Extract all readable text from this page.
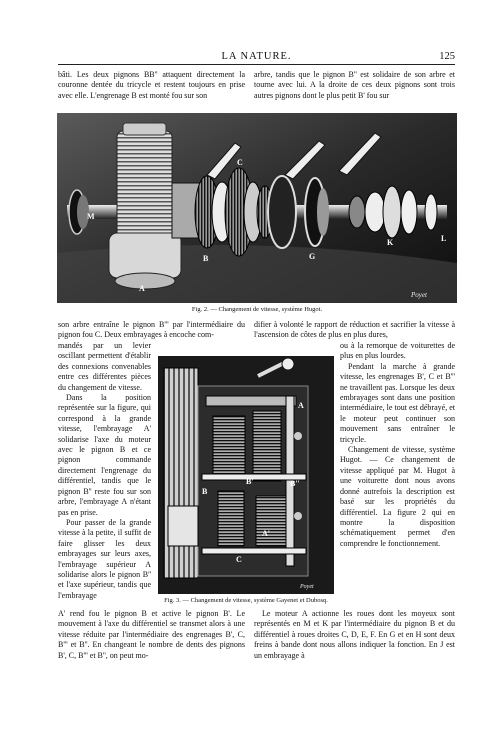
LA NATURE.	125

bâti. Les deux pignons BB'' attaquent directement la couronne dentée du tricycle et restent toujours en prise avec elle. L'engrenage B est monté fou sur son

arbre, tandis que le pignon B'' est solidaire de son arbre et tourne avec lui. A la droite de ces deux pignons sont trois autres pignons dont le plus petit B' fou sur

M
A
B
C
G
K	L
Poyet
Fig. 2. — Changement de vitesse, système Hugot.

son arbre entraîne le pignon B''' par l'intermédiaire du pignon fou C. Deux embrayages à encoche com-

mandés par un levier oscillant permettent d'établir des connexions convenables entre ces différentes pièces du changement de vitesse.

Dans la position représentée sur la figure, qui correspond à la grande vitesse, l'embrayage A' solidarise l'axe du moteur avec le pignon B et ce pignon commande directement l'engrenage du différentiel, tandis que le pignon B'' reste fou sur son arbre, l'embrayage A n'étant pas en prise.

Pour passer de la grande vitesse à la petite, il suffit de faire glisser les deux embrayages sur leurs axes, l'embrayage supérieur A solidarise alors le pignon B'' et l'axe supérieur, tandis que l'embrayage

difier à volonté le rapport de réduction et sacrifier la vitesse à l'ascension de côtes de plus en plus dures,

ou à la remorque de voiturettes de plus en plus lourdes.

Pendant la marche à grande vitesse, les engrenages B', C et B''' ne travaillent pas. Lorsque les deux embrayages sont dans une position intermédiaire, le tout est débrayé, et le moteur peut continuer son mouvement sans entraîner le tricycle.

Changement de vitesse, système Hugot. — Ce changement de vitesse appliqué par M. Hugot à une voiturette dont nous avons donné autrefois la description est basé sur les propriétés du différentiel. La figure 2 qui en montre la disposition schématiquement permet d'en comprendre le fonctionnement.

A
B
B'	B''
A'
C
Poyet
Fig. 3. — Changement de vitesse, système Gayenet et Dubosq.

A' rend fou le pignon B et active le pignon B'. Le mouvement à l'axe du différentiel se transmet alors à une vitesse réduite par l'intermédiaire des engrenages B', C, B''' et B''. En changeant le nombre de dents des pignons B', C, B''' et B'', on peut mo-

Le moteur A actionne les roues dont les moyeux sont représentés en M et K par l'intermédiaire du pignon B et du différentiel à roues droites C, D, E, F. En G et en H sont deux freins à bande dont nous allons indiquer la fonction. En J est un embrayage à
